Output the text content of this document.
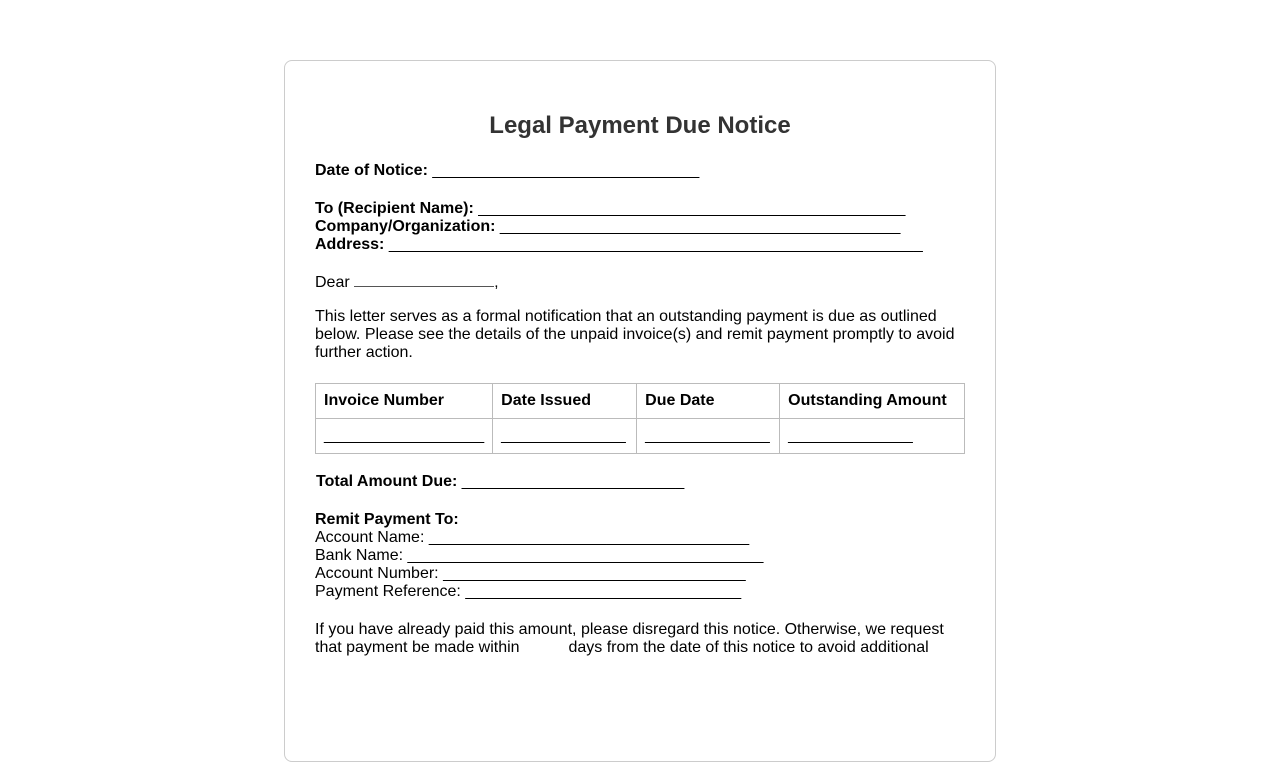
Legal Payment Due Notice

Date of Notice: ______________________________

To (Recipient Name): ________________________________________________

Company/Organization: _____________________________________________

Address: ____________________________________________________________

Dear	,

This letter serves as a formal notification that an outstanding payment is due as outlined below. Please see the details of the unpaid invoice(s) and remit payment promptly to avoid further action.

Invoice Number	Date Issued	Due Date	Outstanding Amount
__________________	______________	______________	______________

Total Amount Due: _________________________

Remit Payment To:

Account Name: ____________________________________

Bank Name: ________________________________________

Account Number: __________________________________

Payment Reference: _______________________________

If you have already paid this amount, please disregard this notice. Otherwise, we request that payment be made within	days from the date of this notice to avoid additional
